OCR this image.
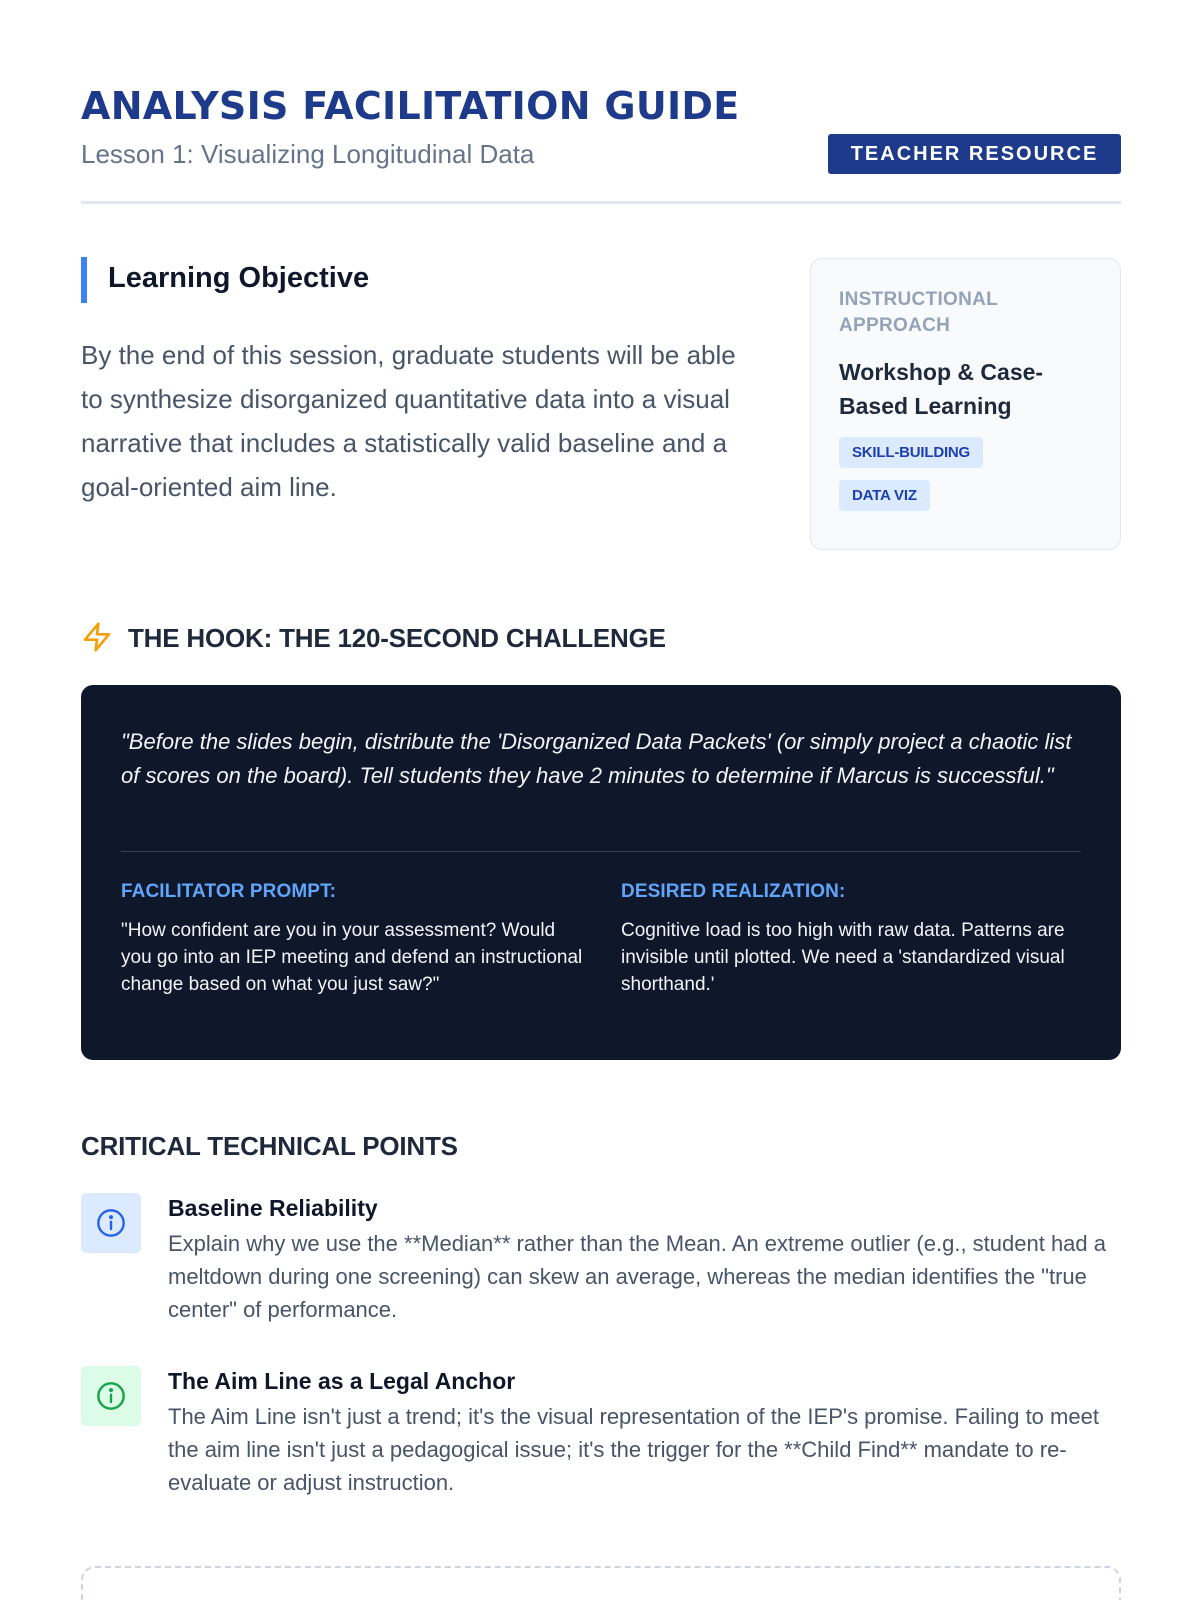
ANALYSIS FACILITATION GUIDE
Lesson 1: Visualizing Longitudinal Data	TEACHER RESOURCE
Learning Objective

By the end of this session, graduate students will be able to synthesize disorganized quantitative data into a visual narrative that includes a statistically valid baseline and a goal-oriented aim line.

INSTRUCTIONAL APPROACH
Workshop & Case-Based Learning
SKILL-BUILDING
DATA VIZ
THE HOOK: THE 120-SECOND CHALLENGE

"Before the slides begin, distribute the 'Disorganized Data Packets' (or simply project a chaotic list of scores on the board). Tell students they have 2 minutes to determine if Marcus is successful."

FACILITATOR PROMPT:
"How confident are you in your assessment? Would you go into an IEP meeting and defend an instructional change based on what you just saw?"
DESIRED REALIZATION:
Cognitive load is too high with raw data. Patterns are invisible until plotted. We need a 'standardized visual shorthand.'
CRITICAL TECHNICAL POINTS
Baseline Reliability
Explain why we use the **Median** rather than the Mean. An extreme outlier (e.g., student had a meltdown during one screening) can skew an average, whereas the median identifies the "true center" of performance.
The Aim Line as a Legal Anchor
The Aim Line isn't just a trend; it's the visual representation of the IEP's promise. Failing to meet the aim line isn't just a pedagogical issue; it's the trigger for the **Child Find** mandate to re-evaluate or adjust instruction.
